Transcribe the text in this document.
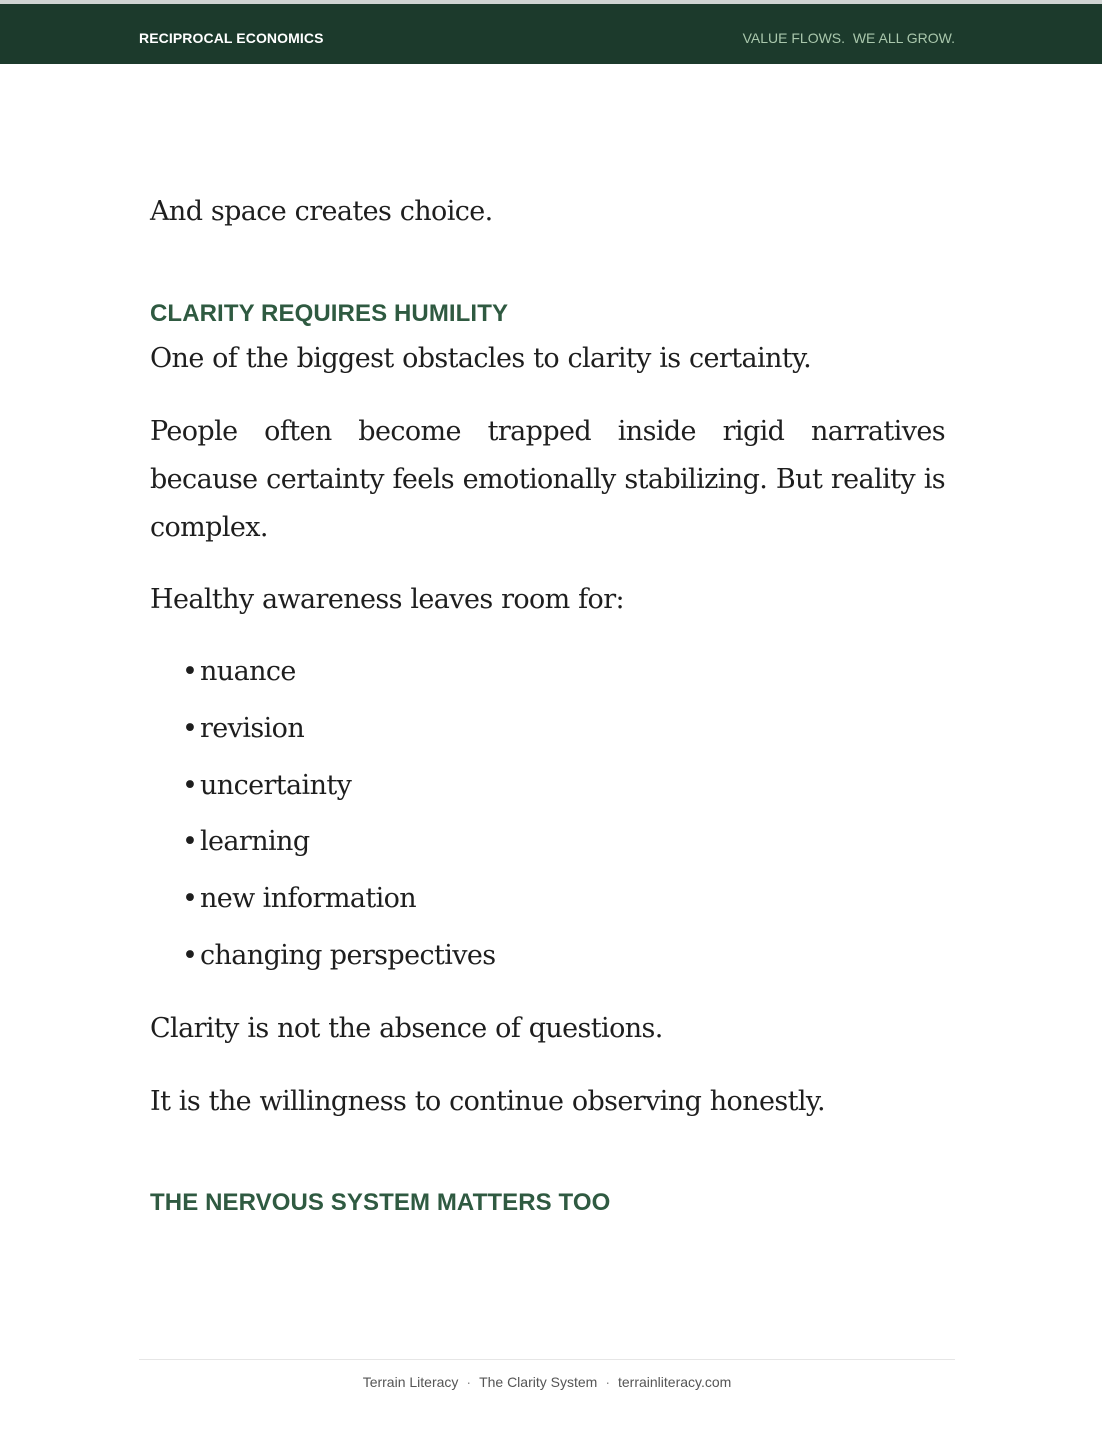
RECIPROCAL ECONOMICS	VALUE FLOWS.  WE ALL GROW.

And space creates choice.

CLARITY REQUIRES HUMILITY

One of the biggest obstacles to clarity is certainty.

People often become trapped inside rigid narratives because certainty feels emotionally stabilizing. But reality is complex.

Healthy awareness leaves room for:

•nuance
•revision
•uncertainty
•learning
•new information
•changing perspectives

Clarity is not the absence of questions.

It is the willingness to continue observing honestly.

THE NERVOUS SYSTEM MATTERS TOO
Terrain Literacy · The Clarity System · terrainliteracy.com
